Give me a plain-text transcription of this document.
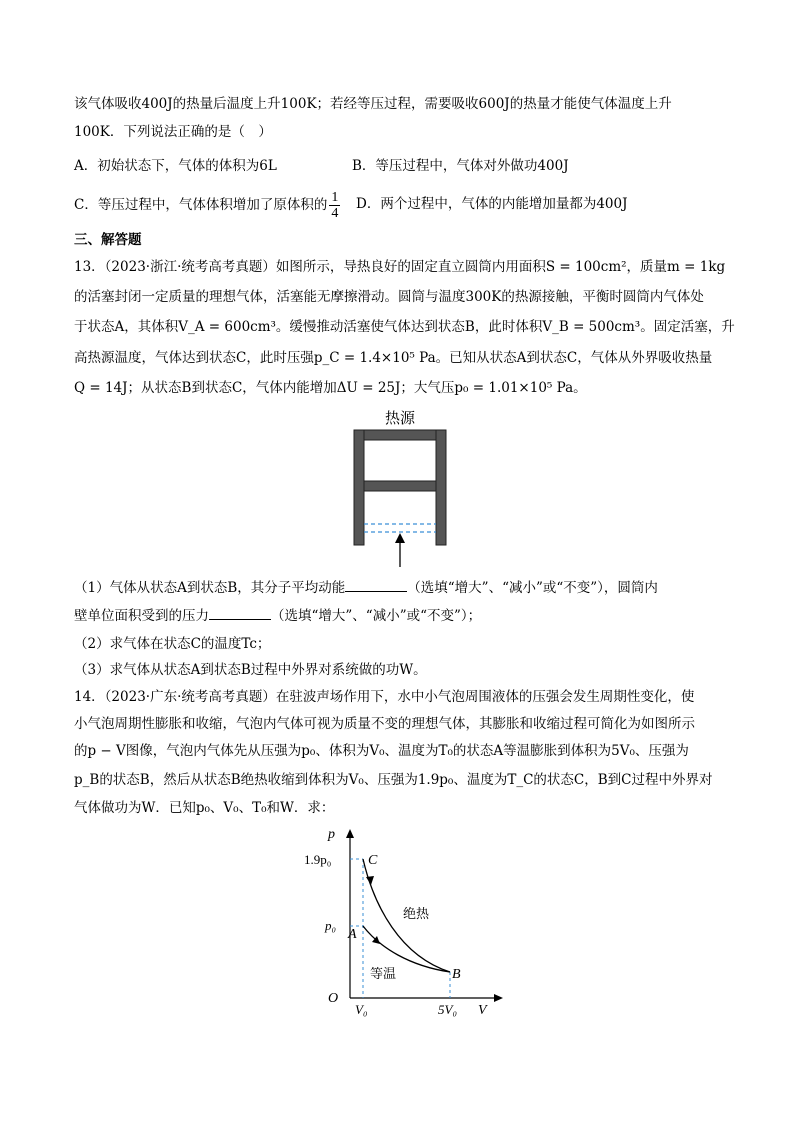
该气体吸收400J的热量后温度上升100K；若经等压过程，需要吸收600J的热量才能使气体温度上升
100K．下列说法正确的是（　）
A．初始状态下，气体的体积为6L	B．等压过程中，气体对外做功400J
C．等压过程中，气体体积增加了原体积的 $\frac{1}{4}$ D．两个过程中，气体的内能增加量都为400J
三、解答题
13．（2023·浙江·统考高考真题）如图所示，导热良好的固定直立圆筒内用面积S = 100cm²，质量m = 1kg
的活塞封闭一定质量的理想气体，活塞能无摩擦滑动。圆筒与温度300K的热源接触，平衡时圆筒内气体处
于状态A，其体积V_A = 600cm³。缓慢推动活塞使气体达到状态B，此时体积V_B = 500cm³。固定活塞，升
高热源温度，气体达到状态C，此时压强p_C = 1.4×10⁵ Pa。已知从状态A到状态C，气体从外界吸收热量
Q = 14J；从状态B到状态C，气体内能增加ΔU = 25J；大气压p₀ = 1.01×10⁵ Pa。
热源
（1）气体从状态A到状态B，其分子平均动能	（选填“增大”、“减小”或“不变”），圆筒内
壁单位面积受到的压力	（选填“增大”、“减小”或“不变”）；
（2）求气体在状态C的温度Tc；
（3）求气体从状态A到状态B过程中外界对系统做的功W。
14．（2023·广东·统考高考真题）在驻波声场作用下，水中小气泡周围液体的压强会发生周期性变化，使
小气泡周期性膨胀和收缩，气泡内气体可视为质量不变的理想气体，其膨胀和收缩过程可简化为如图所示
的p − V图像，气泡内气体先从压强为p₀、体积为V₀、温度为T₀的状态A等温膨胀到体积为5V₀、压强为
p_B的状态B，然后从状态B绝热收缩到体积为V₀、压强为1.9p₀、温度为T_C的状态C，B到C过程中外界对
气体做功为W．已知p₀、V₀、T₀和W．求：
p
V
O
1.9p₀
p₀
V₀	5V₀
C
A
B
绝热
等温
